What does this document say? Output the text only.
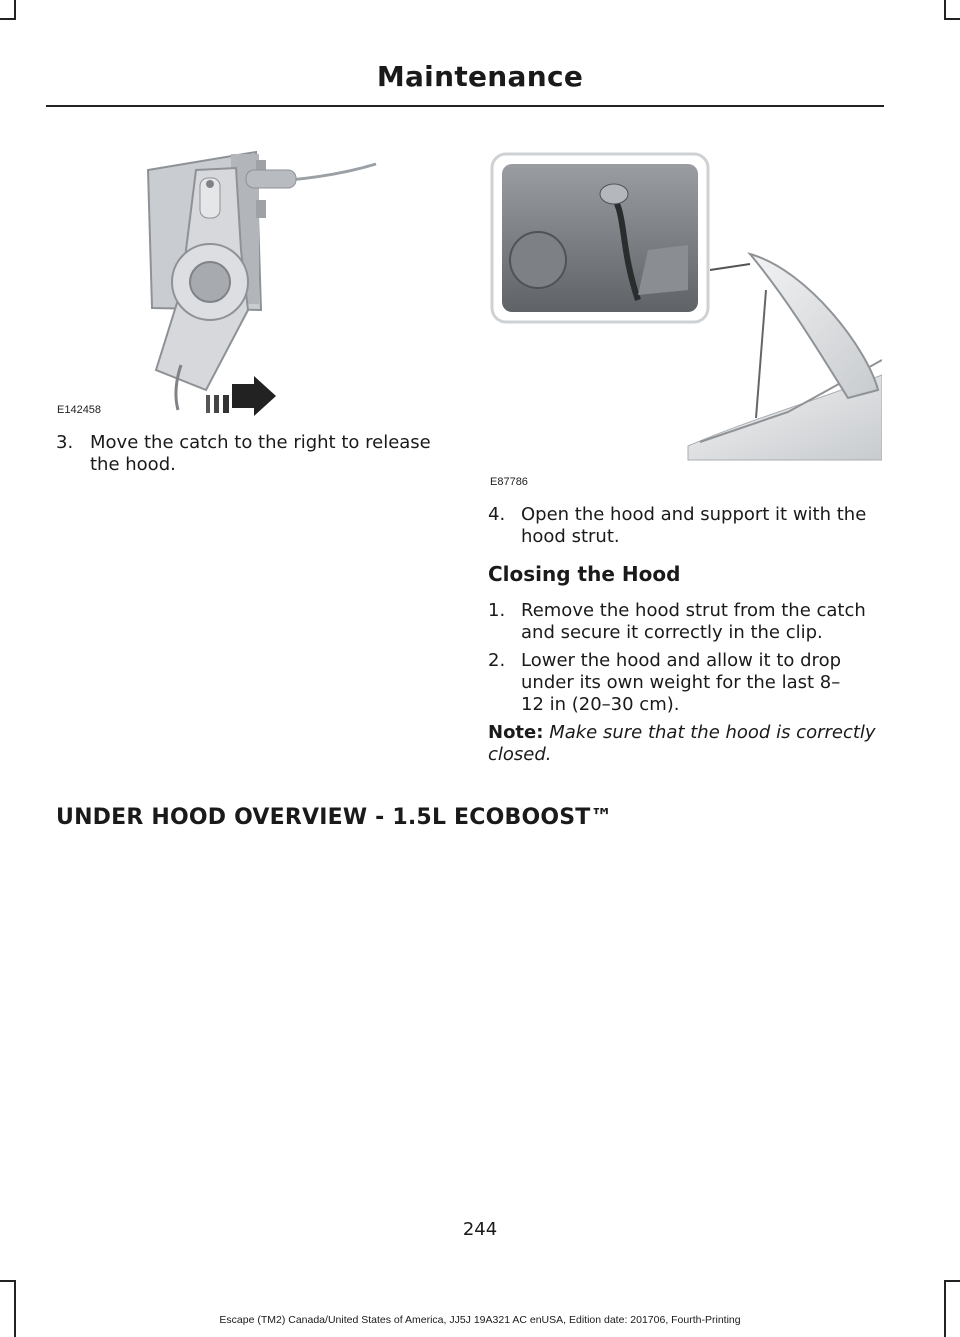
Maintenance
E142458
E87786
3. Move the catch to the right to release the hood.
4. Open the hood and support it with the hood strut.
Closing the Hood
1. Remove the hood strut from the catch and secure it correctly in the clip.
2. Lower the hood and allow it to drop under its own weight for the last 8–12 in (20–30 cm).
Note: Make sure that the hood is correctly closed.
UNDER HOOD OVERVIEW - 1.5L ECOBOOST™
244
Escape (TM2) Canada/United States of America, JJ5J 19A321 AC enUSA, Edition date: 201706, Fourth-Printing
